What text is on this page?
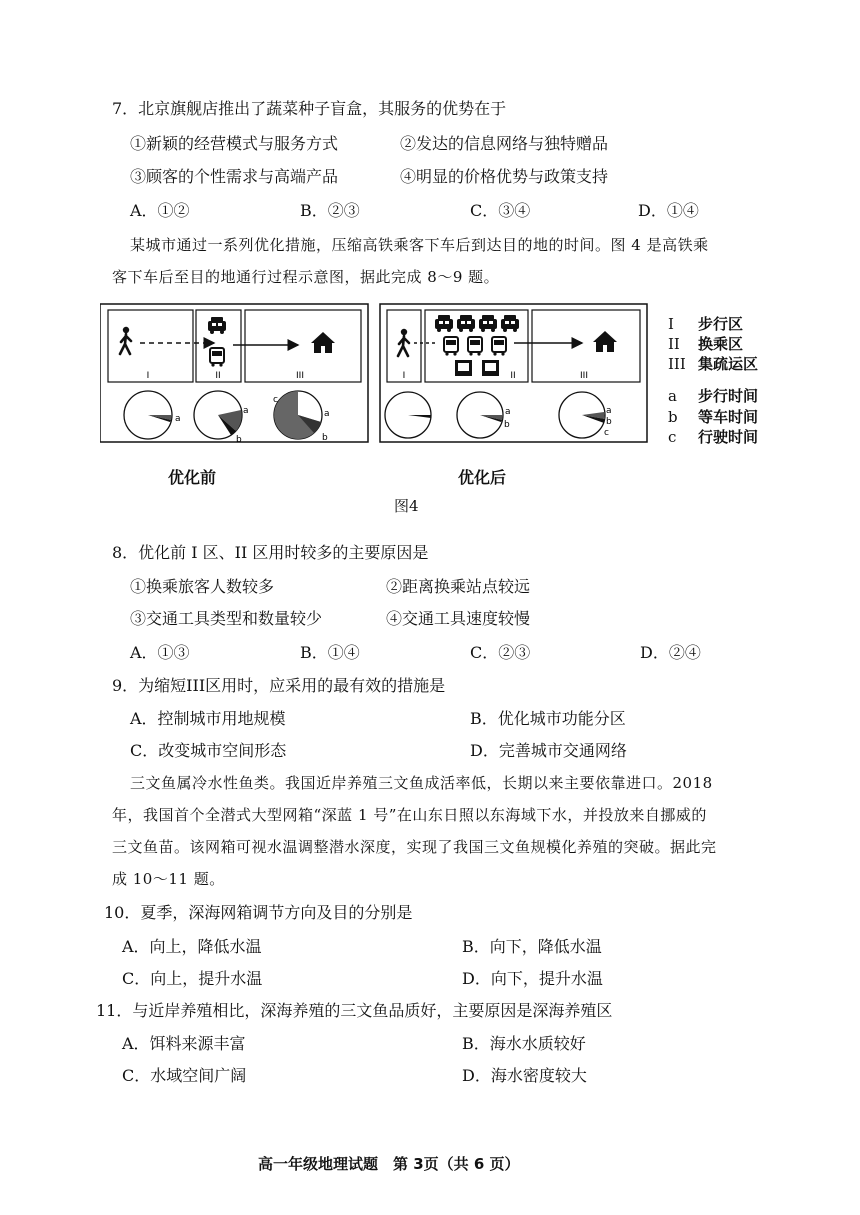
7．北京旗舰店推出了蔬菜种子盲盒，其服务的优势在于
①新颖的经营模式与服务方式	②发达的信息网络与独特赠品
③顾客的个性需求与高端产品	④明显的价格优势与政策支持
A．①②	B．②③	C．③④	D．①④
某城市通过一系列优化措施，压缩高铁乘客下车后到达目的地的时间。图 4 是高铁乘
客下车后至目的地通行过程示意图，据此完成 8～9 题。
I	II	III
a
a
b
c
a
b
I	II	III
a
b
a
b
c
I 步行区
II 换乘区
III 集疏运区
a 步行时间
b 等车时间
c 行驶时间
优化前	优化后
图4
8．优化前 I 区、II 区用时较多的主要原因是
①换乘旅客人数较多	②距离换乘站点较远
③交通工具类型和数量较少	④交通工具速度较慢
A．①③	B．①④	C．②③	D．②④
9．为缩短III区用时，应采用的最有效的措施是
A．控制城市用地规模	B．优化城市功能分区
C．改变城市空间形态	D．完善城市交通网络
三文鱼属冷水性鱼类。我国近岸养殖三文鱼成活率低，长期以来主要依靠进口。2018
年，我国首个全潜式大型网箱“深蓝 1 号”在山东日照以东海域下水，并投放来自挪威的
三文鱼苗。该网箱可视水温调整潜水深度，实现了我国三文鱼规模化养殖的突破。据此完
成 10～11 题。
10．夏季，深海网箱调节方向及目的分别是
A．向上，降低水温	B．向下，降低水温
C．向上，提升水温	D．向下，提升水温
11．与近岸养殖相比，深海养殖的三文鱼品质好，主要原因是深海养殖区
A．饵料来源丰富	B．海水水质较好
C．水域空间广阔	D．海水密度较大
高一年级地理试题　第 3页（共 6 页）
